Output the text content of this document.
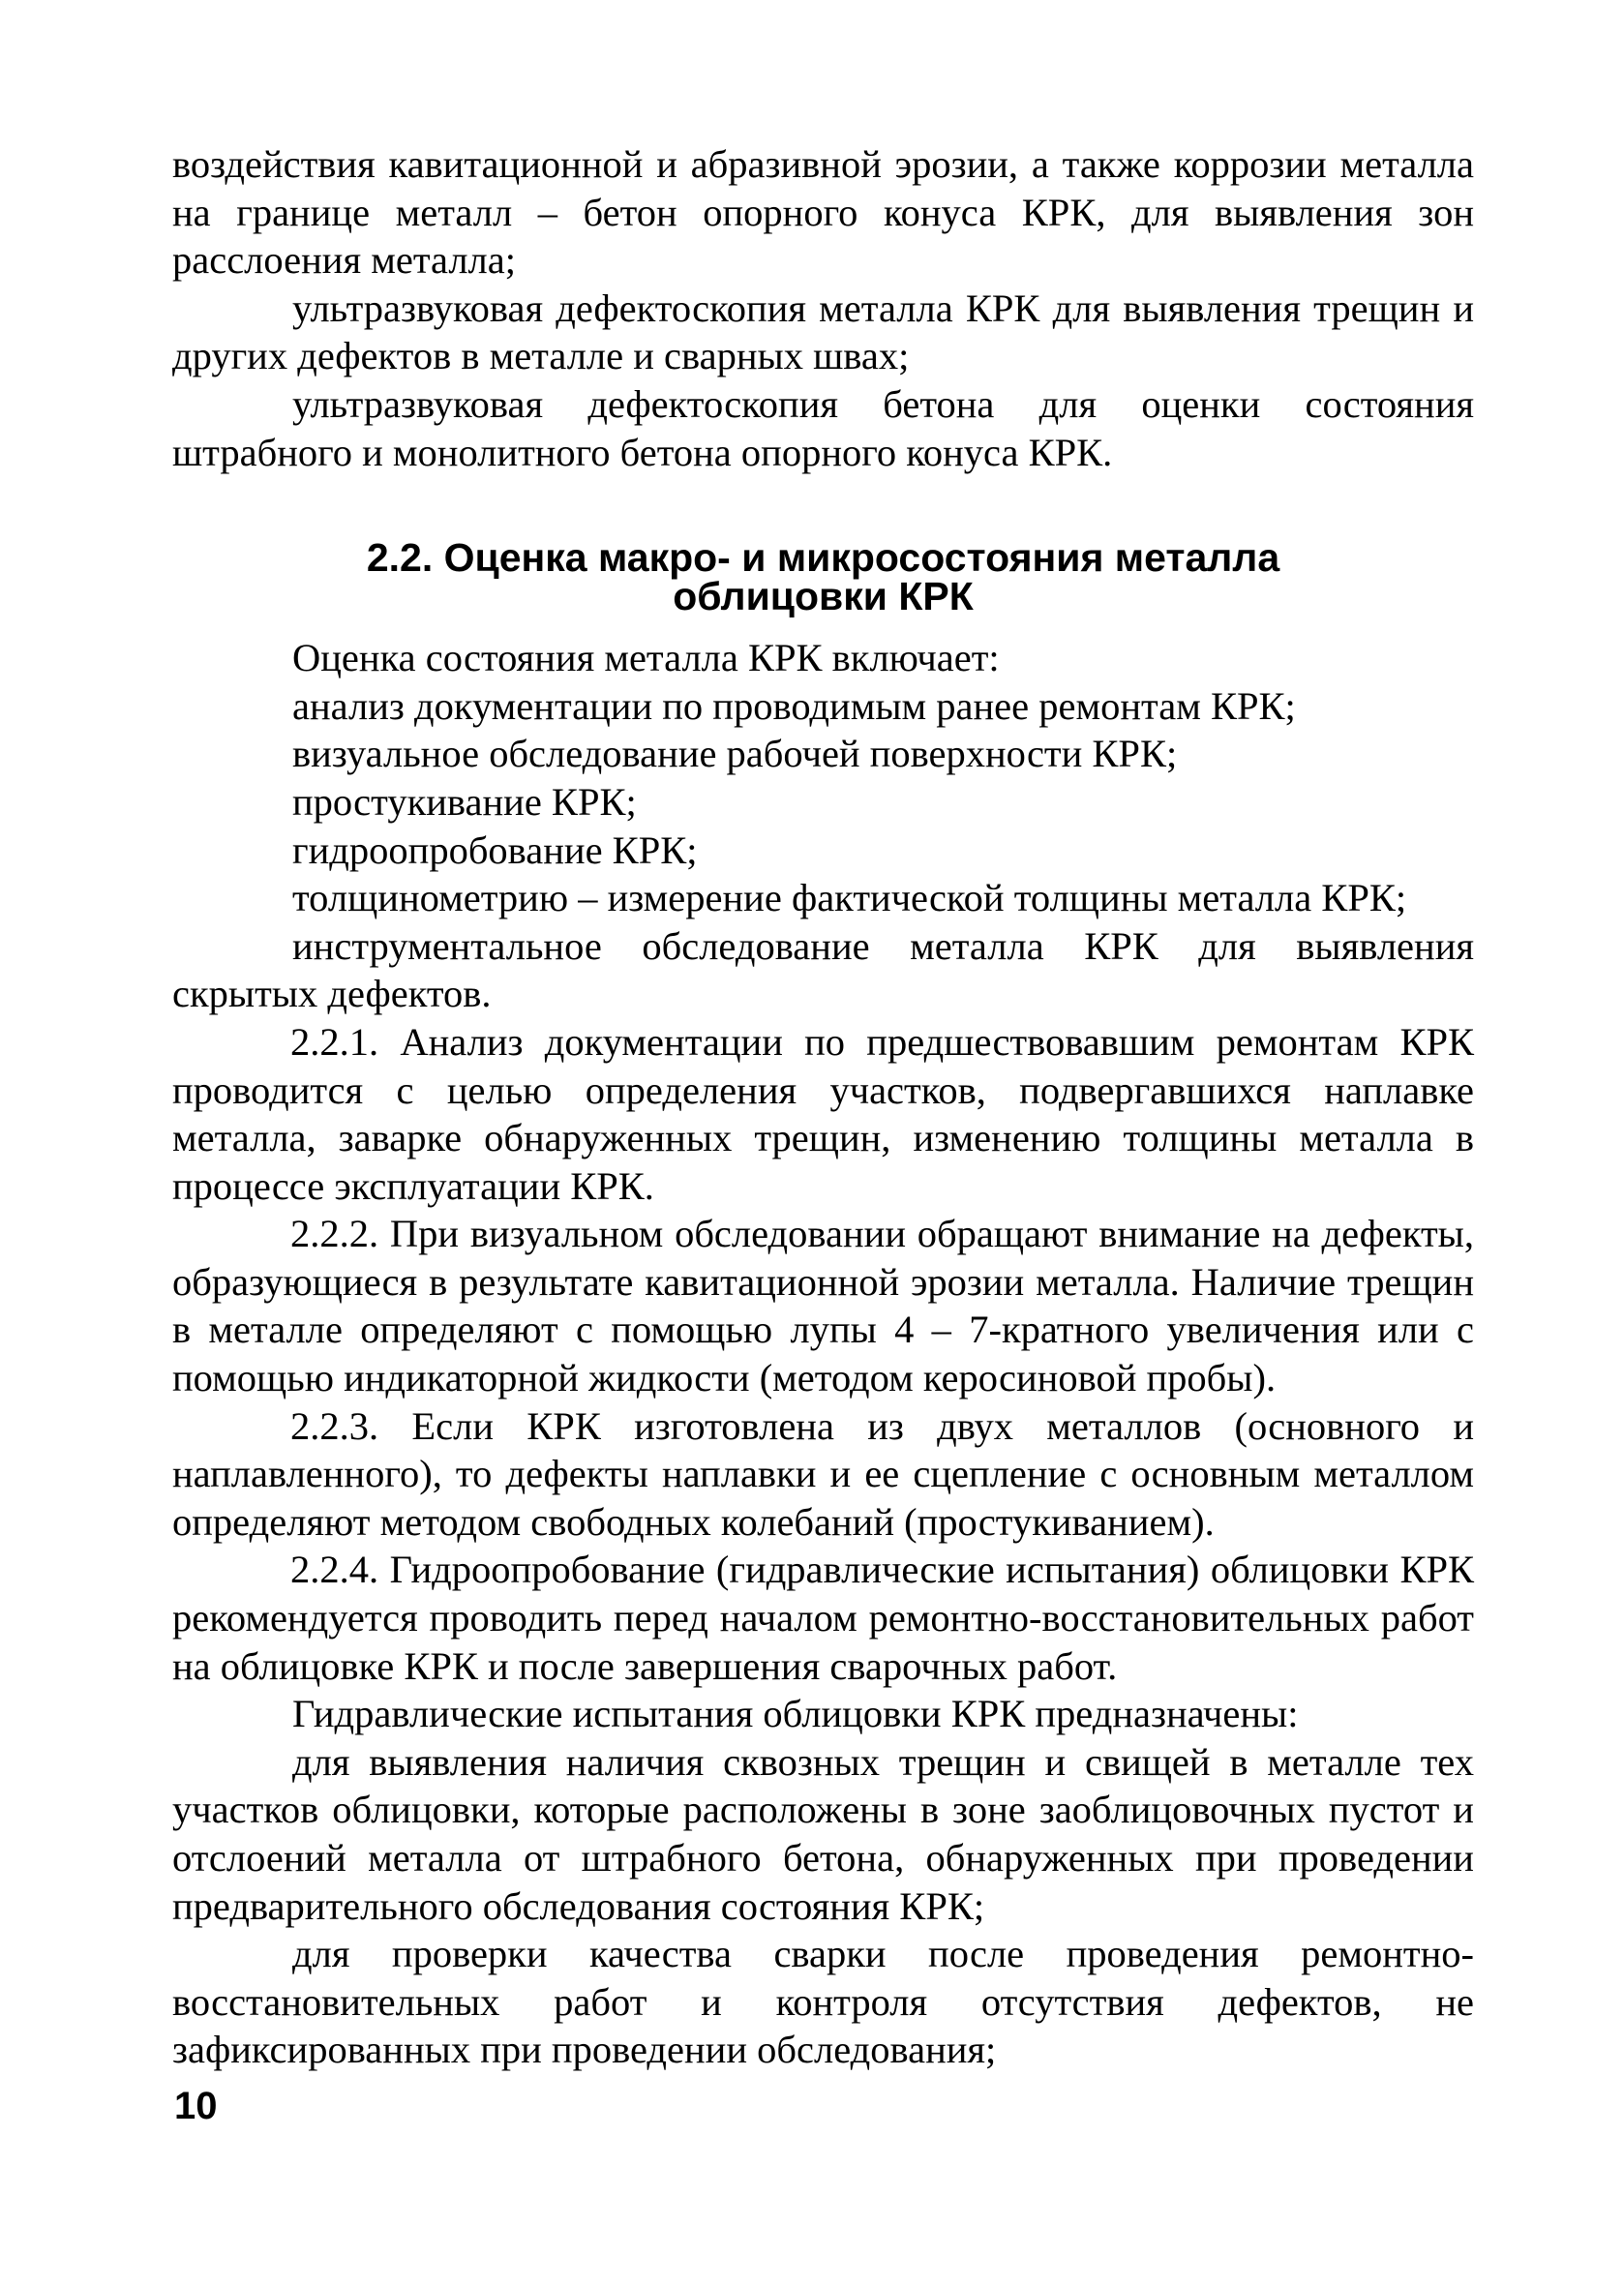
воздействия кавитационной и абразивной эрозии, а также коррозии металла на границе металл – бетон опорного конуса КРК, для выявления зон расслоения металла;

ультразвуковая дефектоскопия металла КРК для выявления трещин и других дефектов в металле и сварных швах;

ультразвуковая дефектоскопия бетона для оценки состояния штрабного и монолитного бетона опорного конуса КРК.

2.2. Оценка макро- и микросостояния металла
облицовки КРК

Оценка состояния металла КРК включает:

анализ документации по проводимым ранее ремонтам КРК;

визуальное обследование рабочей поверхности КРК;

простукивание КРК;

гидроопробование КРК;

толщинометрию – измерение фактической толщины металла КРК;

инструментальное обследование металла КРК для выявления скрытых дефектов.

2.2.1. Анализ документации по предшествовавшим ремонтам КРК проводится с целью определения участков, подвергавшихся наплавке металла, заварке обнаруженных трещин, изменению толщины металла в процессе эксплуатации КРК.

2.2.2. При визуальном обследовании обращают внимание на дефекты, образующиеся в результате кавитационной эрозии металла. Наличие трещин в металле определяют с помощью лупы 4 – 7-кратного увеличения или с помощью индикаторной жидкости (методом керосиновой пробы).

2.2.3. Если КРК изготовлена из двух металлов (основного и наплавленного), то дефекты наплавки и ее сцепление с основным металлом определяют методом свободных колебаний (простукиванием).

2.2.4. Гидроопробование (гидравлические испытания) облицовки КРК рекомендуется проводить перед началом ремонтно-восстановительных работ на облицовке КРК и после завершения сварочных работ.

Гидравлические испытания облицовки КРК предназначены:

для выявления наличия сквозных трещин и свищей в металле тех участков облицовки, которые расположены в зоне заоблицовочных пустот и отслоений металла от штрабного бетона, обнаруженных при проведении предварительного обследования состояния КРК;

для проверки качества сварки после проведения ремонтно-восстановительных работ и контроля отсутствия дефектов, не зафиксированных при проведении обследования;

10
